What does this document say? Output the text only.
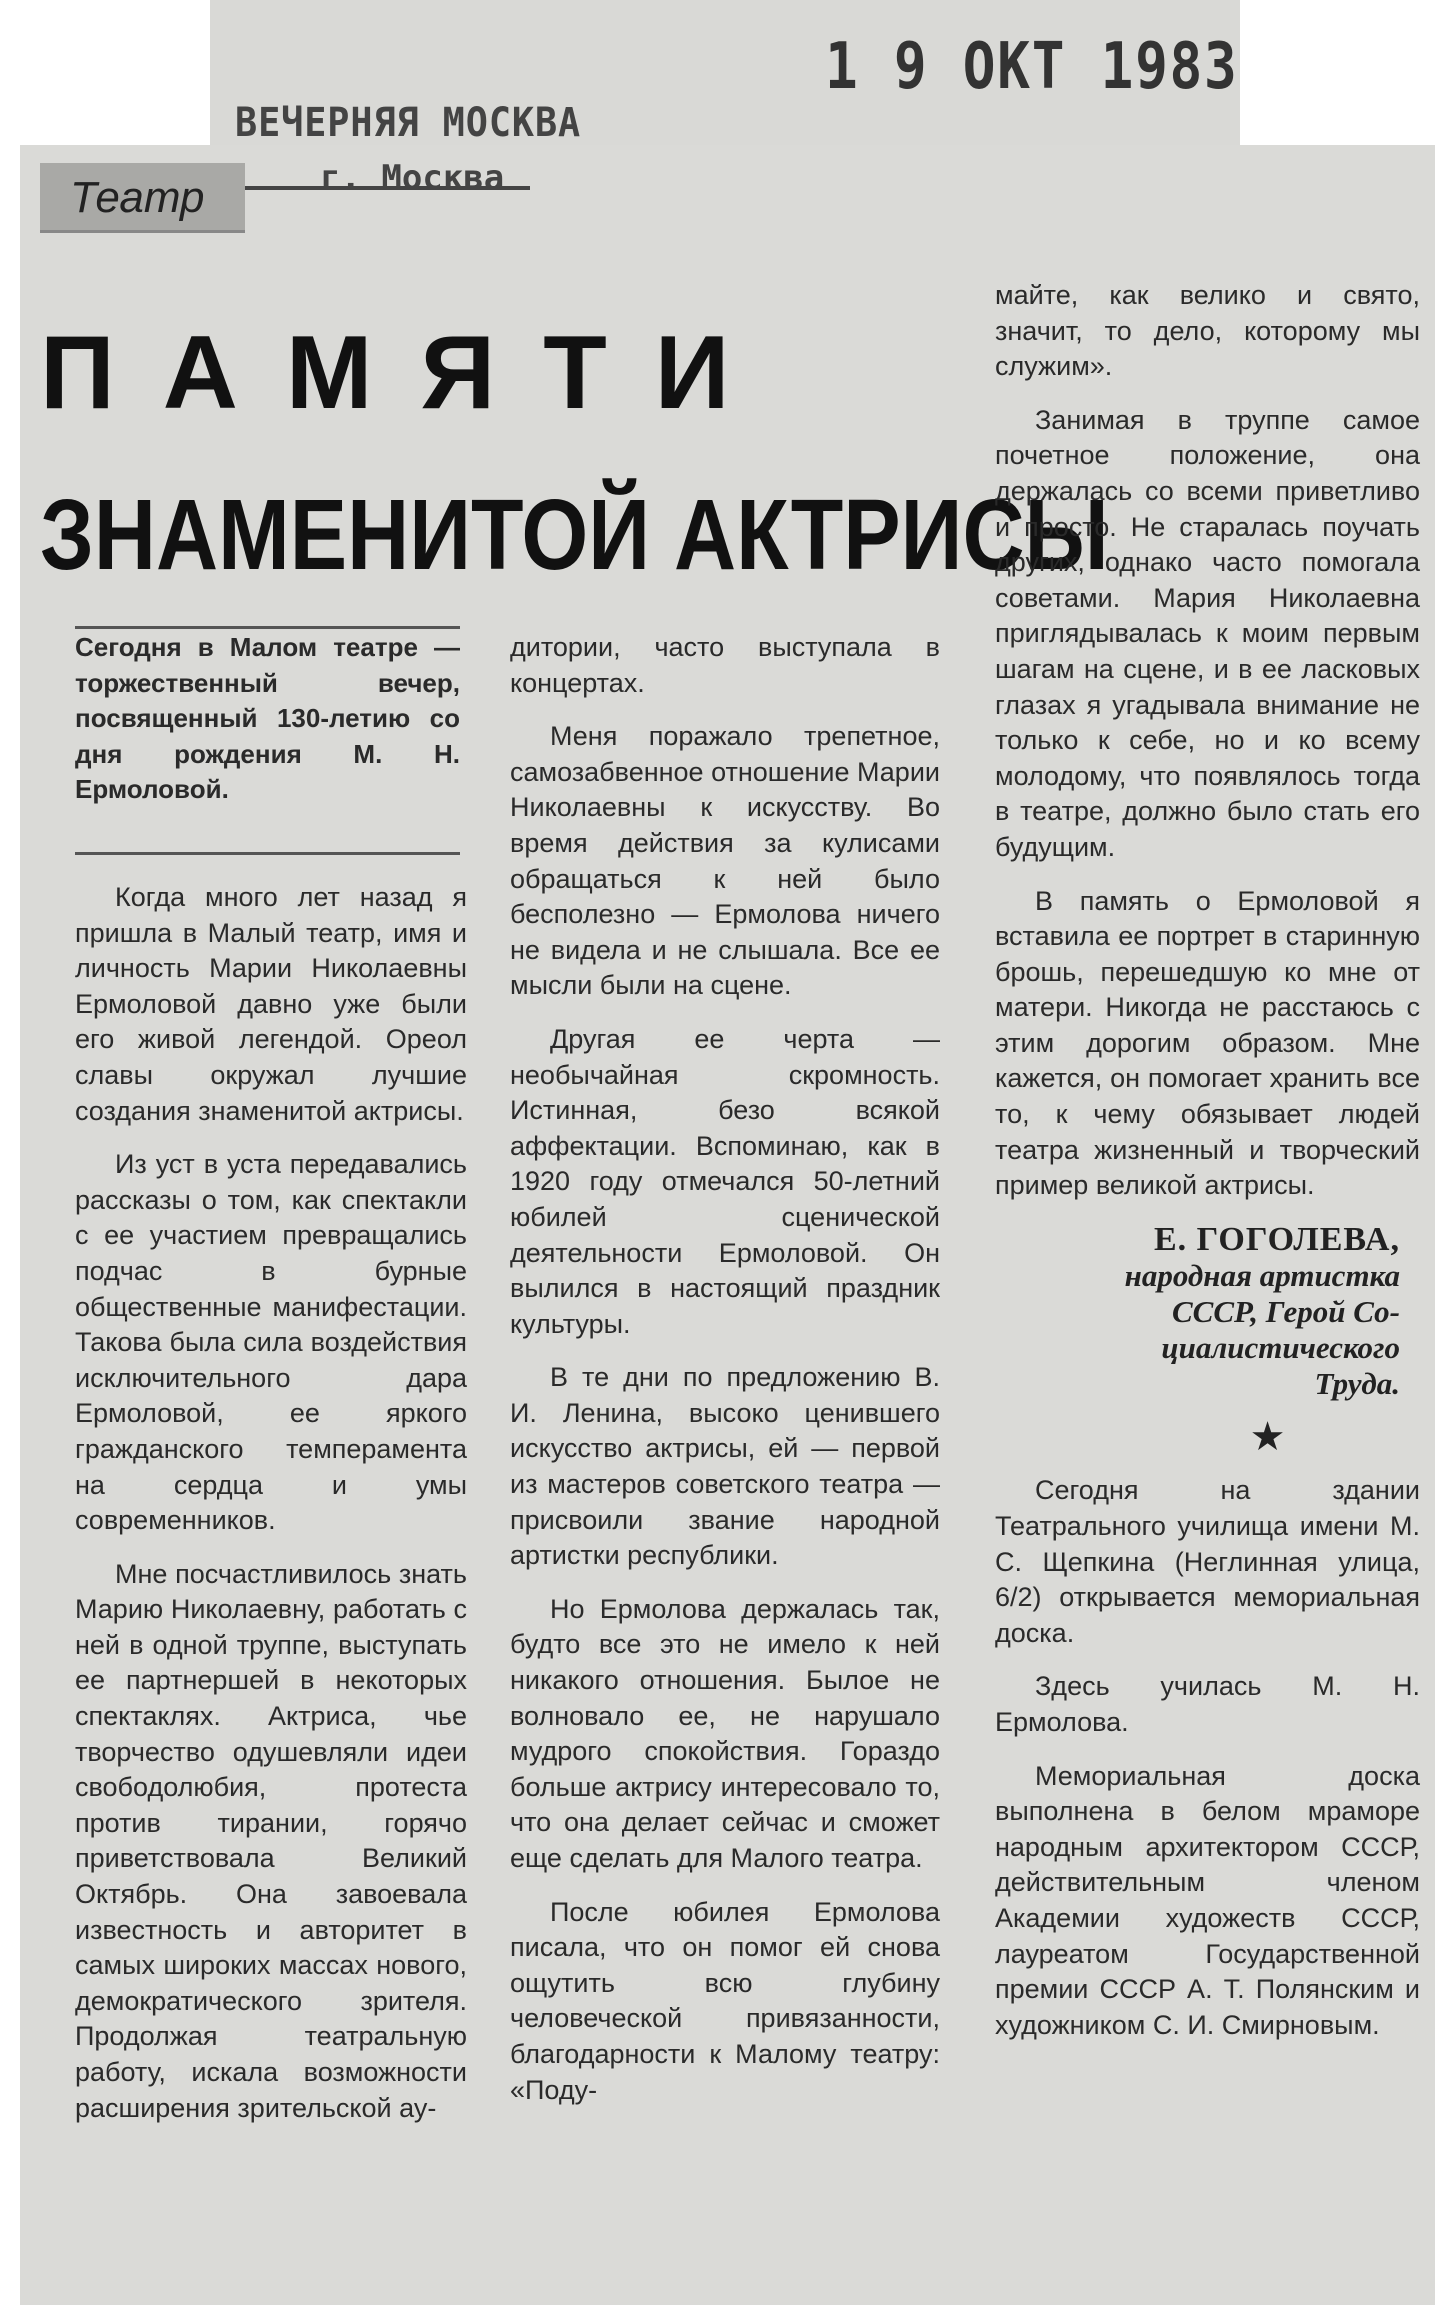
1 9 ОКТ 1983
ВЕЧЕРНЯЯ МОСКВА
г. Москва
Театр
ПАМЯТИ
ЗНАМЕНИТОЙ АКТРИСЫ
Сегодня в Малом театре — торжественный вечер, посвященный 130-летию со дня рождения М. Н. Ермоловой.

Когда много лет назад я пришла в Малый театр, имя и личность Марии Николаевны Ермоловой давно уже были его живой легендой. Ореол славы окружал лучшие создания знаменитой актрисы.

Из уст в уста передавались рассказы о том, как спектакли с ее участием превращались подчас в бурные общественные манифестации. Такова была сила воздействия исключительного дара Ермоловой, ее яркого гражданского темперамента на сердца и умы современников.

Мне посчастливилось знать Марию Николаевну, работать с ней в одной труппе, выступать ее партнершей в некоторых спектаклях. Актриса, чье творчество одушевляли идеи свободолюбия, протеста против тирании, горячо приветствовала Великий Октябрь. Она завоевала известность и авторитет в самых широких массах нового, демократического зрителя. Продолжая театральную работу, искала возможности расширения зрительской ау-

дитории, часто выступала в концертах.

Меня поражало трепетное, самозабвенное отношение Марии Николаевны к искусству. Во время действия за кулисами обращаться к ней было бесполезно — Ермолова ничего не видела и не слышала. Все ее мысли были на сцене.

Другая ее черта — необычайная скромность. Истинная, безо всякой аффектации. Вспоминаю, как в 1920 году отмечался 50-летний юбилей сценической деятельности Ермоловой. Он вылился в настоящий праздник культуры.

В те дни по предложению В. И. Ленина, высоко ценившего искусство актрисы, ей — первой из мастеров советского театра — присвоили звание народной артистки республики.

Но Ермолова держалась так, будто все это не имело к ней никакого отношения. Былое не волновало ее, не нарушало мудрого спокойствия. Гораздо больше актрису интересовало то, что она делает сейчас и сможет еще сделать для Малого театра.

После юбилея Ермолова писала, что он помог ей снова ощутить всю глубину человеческой привязанности, благодарности к Малому театру: «Поду-

майте, как велико и свято, значит, то дело, которому мы служим».

Занимая в труппе самое почетное положение, она держалась со всеми приветливо и просто. Не старалась поучать других, однако часто помогала советами. Мария Николаевна приглядывалась к моим первым шагам на сцене, и в ее ласковых глазах я угадывала внимание не только к себе, но и ко всему молодому, что появлялось тогда в театре, должно было стать его будущим.

В память о Ермоловой я вставила ее портрет в старинную брошь, перешедшую ко мне от матери. Никогда не расстаюсь с этим дорогим образом. Мне кажется, он помогает хранить все то, к чему обязывает людей театра жизненный и творческий пример великой актрисы.

Е. ГОГОЛЕВА,
народная артистка
СССР, Герой Со-
циалистического
Труда.
★

Сегодня на здании Театрального училища имени М. С. Щепкина (Неглинная улица, 6/2) открывается мемориальная доска.

Здесь училась М. Н. Ермолова.

Мемориальная доска выполнена в белом мраморе народным архитектором СССР, действительным членом Академии художеств СССР, лауреатом Государственной премии СССР А. Т. Полянским и художником С. И. Смирновым.
